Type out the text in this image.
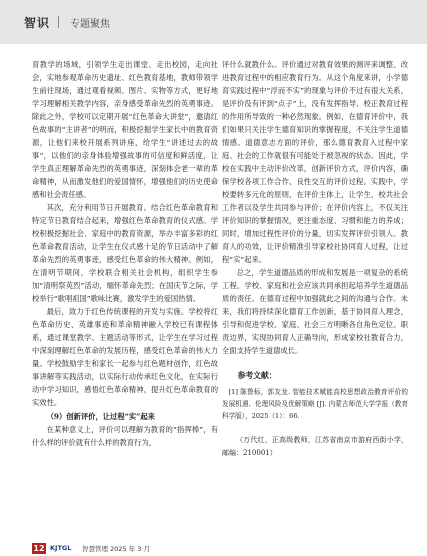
智识 专题聚焦

育教学的场域，引领学生走出课堂、走出校园，走向社会，实地参观革命历史遗址、红色教育基地，教师带领学生前往现场，通过观看视频、图片、实物等方式，更好地学习理解相关教学内容，亲身感受革命先烈的英勇事迹。除此之外，学校可以定期开展“红色革命大讲堂”，邀请红色故事的“主讲者”的明而，积极挖掘学生家长中的教育资源，让他们来校开展系列讲座，给学生“讲述过去的故事”，以他们的亲身体验增强故事的可信度和鲜活度，让学生真正理解革命先烈的英勇事迹，深刻体会老一辈的革命精神，从而激发他们的爱国情怀，增强他们的历史使命感和社会责任感。

其次，充分利用节日开展教育。结合红色革命教育和特定节日教育结合起来，增强红色革命教育的仪式感。学校积极挖掘社会、家庭中的教育资源，举办丰富多彩的红色革命教育活动，让学生在仪式感十足的节日活动中了解革命先烈的英勇事迹，感受红色革命的伟大精神。例如，在清明节期间，学校联合相关社会机构，组织学生参加“清明祭英烈”活动，缅怀革命先烈；在国庆节之际，学校举行“歌唱祖国”歌咏比赛，激发学生的爱国热情。

最后，致力于红色传统课程的开发与实施。学校将红色革命历史、英雄事迹和革命精神融入学校已有课程体系，通过课堂教学、主题活动等形式，让学生在学习过程中深刻理解红色革命的发展历程，感受红色革命的伟大力量。学校鼓励学生和家长一起参与红色题材创作，红色故事讲解等实践活动，以实际行动传承红色文化，在实际行动中学习知识，感悟红色革命精神，提升红色革命教育的实效性。

（9）创新评价，让过程“实”起来

在某种意义上，评价可以理解为教育的“指挥棒”，有什么样的评价就有什么样的教育行为，

评什么就教什么。评价通过对教育效果的测评来调整、改进教育过程中的相应教育行为。从这个角度来讲，小学德育实践过程中“浮而不实”的现象与评价不过有很大关系，是评价没有评到“点子”上，没有发挥指导、校正教育过程的作用所导致的一种必然现象。例如，在德育评价中，我们如果只关注学生德育知识的掌握程度，不关注学生道德情感、道德意志方面的评价，那么德育教育入过程中家庭、社会的工作就很有可能处于被忽视的状态。因此，学校在实践中主动评价改革，创新评价方式，评价内容，确保学校各项工作合作、良性交互的评价过程。实践中，学校要转多元化的原则，在评价主体上，让学生、校共社会工作者以及学生共同参与评价；在评价内容上，不仅关注评价知识的掌握情况，更注重态度、习惯和能力的养成；同时，增加过程性评价的分量，切实发挥评价引领人、教育人的功效，让评价精准引导家校社协同育人过程，让过程“实”起来。

总之，学生道德品质的形成和发展是一项复杂的系统工程，学校、家庭和社会应该共同承担起培养学生道德品质的责任。在德育过程中加强就此之间的沟通与合作。未来，我们将持续深化德育工作创新，基于协同育人理念，引导和促进学校、家庭、社会三方明晰各自角色定位、职责边界，实现协同育人正确导向，形成家校社教育合力，全面支持学生道德成长。

参考文献：

[1] 陈鲁标，郭友龙. 智能技术赋能高校思想政治教育评价的发展机遇、伦理风险及优解策略 [J]. 内蒙古师范大学学报（教育科学版），2025（1）：66.

（万代红，正高级教师，江苏省南京市游府西街小学，邮编：210001）

12 KJTGL 智慧管理 2025 年 3 月
